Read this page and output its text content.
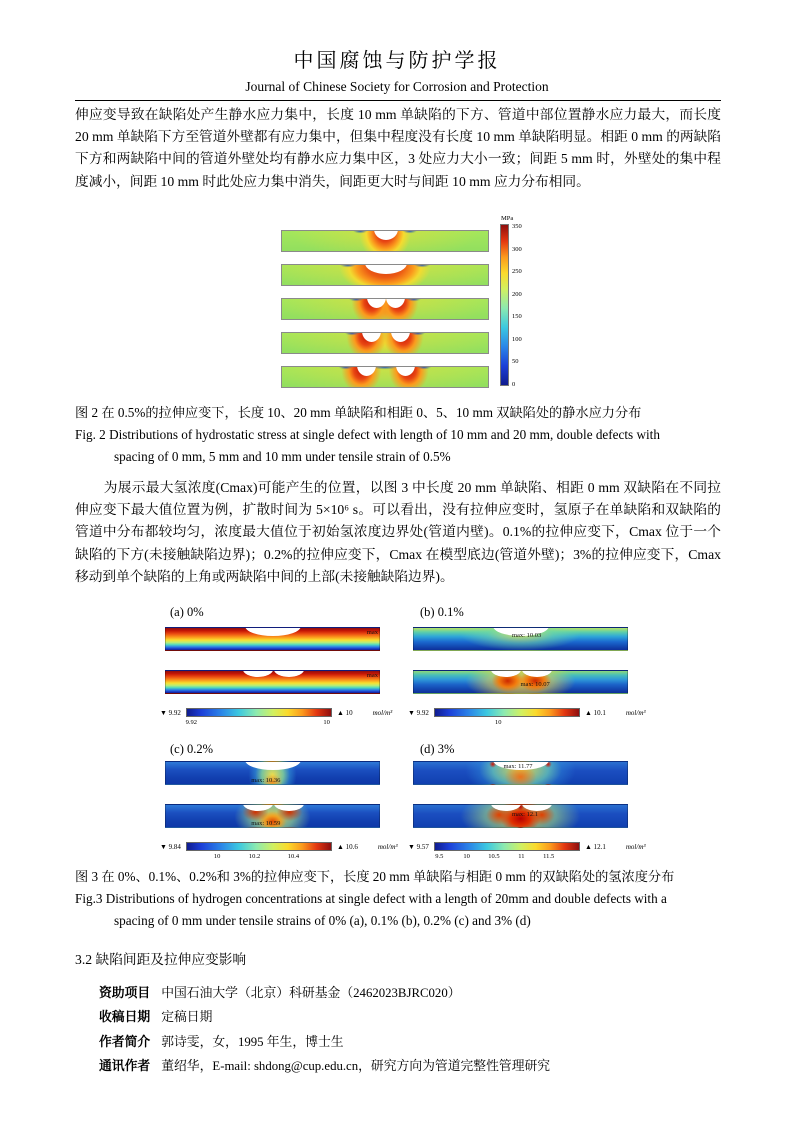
中国腐蚀与防护学报
Journal of Chinese Society for Corrosion and Protection
伸应变导致在缺陷处产生静水应力集中，长度 10 mm 单缺陷的下方、管道中部位置静水应力最大，而长度 20 mm 单缺陷下方至管道外壁都有应力集中，但集中程度没有长度 10 mm 单缺陷明显。相距 0 mm 的两缺陷下方和两缺陷中间的管道外壁处均有静水应力集中区，3 处应力大小一致；间距 5 mm 时，外壁处的集中程度减小，间距 10 mm 时此处应力集中消失，间距更大时与间距 10 mm 应力分布相同。
MPa
350
300
250
200
150
100
50
0
图 2 在 0.5%的拉伸应变下，长度 10、20 mm 单缺陷和相距 0、5、10 mm 双缺陷处的静水应力分布
Fig. 2 Distributions of hydrostatic stress at single defect with length of 10 mm and 20 mm, double defects with
spacing of 0 mm, 5 mm and 10 mm under tensile strain of 0.5%
为展示最大氢浓度(Cmax)可能产生的位置，以图 3 中长度 20 mm 单缺陷、相距 0 mm 双缺陷在不同拉伸应变下最大值位置为例，扩散时间为 5×10⁶ s。可以看出，没有拉伸应变时，氢原子在单缺陷和双缺陷的管道中分布都较均匀，浓度最大值位于初始氢浓度边界处(管道内壁)。0.1%的拉伸应变下，Cmax 位于一个缺陷的下方(未接触缺陷边界)；0.2%的拉伸应变下，Cmax 在模型底边(管道外壁)；3%的拉伸应变下，Cmax 移动到单个缺陷的上角或两缺陷中间的上部(未接触缺陷边界)。
(a) 0%	(b) 0.1%
(c) 0.2%	(d) 3%
max
max
max: 10.03
max: 10.07
max: 10.36
max: 10.59
max: 11.77
max: 12.1
▼ 9.92
9.92	10
▲ 10	mol/m³ ▼ 9.92
10
▲ 10.1	mol/m³
▼ 9.84
10	10.2	10.4
▲ 10.6	mol/m³ ▼ 9.57
9.5	10	10.5	11	11.5
▲ 12.1	mol/m³
图 3 在 0%、0.1%、0.2%和 3%的拉伸应变下，长度 20 mm 单缺陷与相距 0 mm 的双缺陷处的氢浓度分布
Fig.3 Distributions of hydrogen concentrations at single defect with a length of 20mm and double defects with a
spacing of 0 mm under tensile strains of 0% (a), 0.1% (b), 0.2% (c) and 3% (d)
3.2 缺陷间距及拉伸应变影响
资助项目 中国石油大学（北京）科研基金（2462023BJRC020）
收稿日期 定稿日期
作者简介 郭诗雯，女，1995 年生，博士生
通讯作者 董绍华，E-mail: shdong@cup.edu.cn，研究方向为管道完整性管理研究
